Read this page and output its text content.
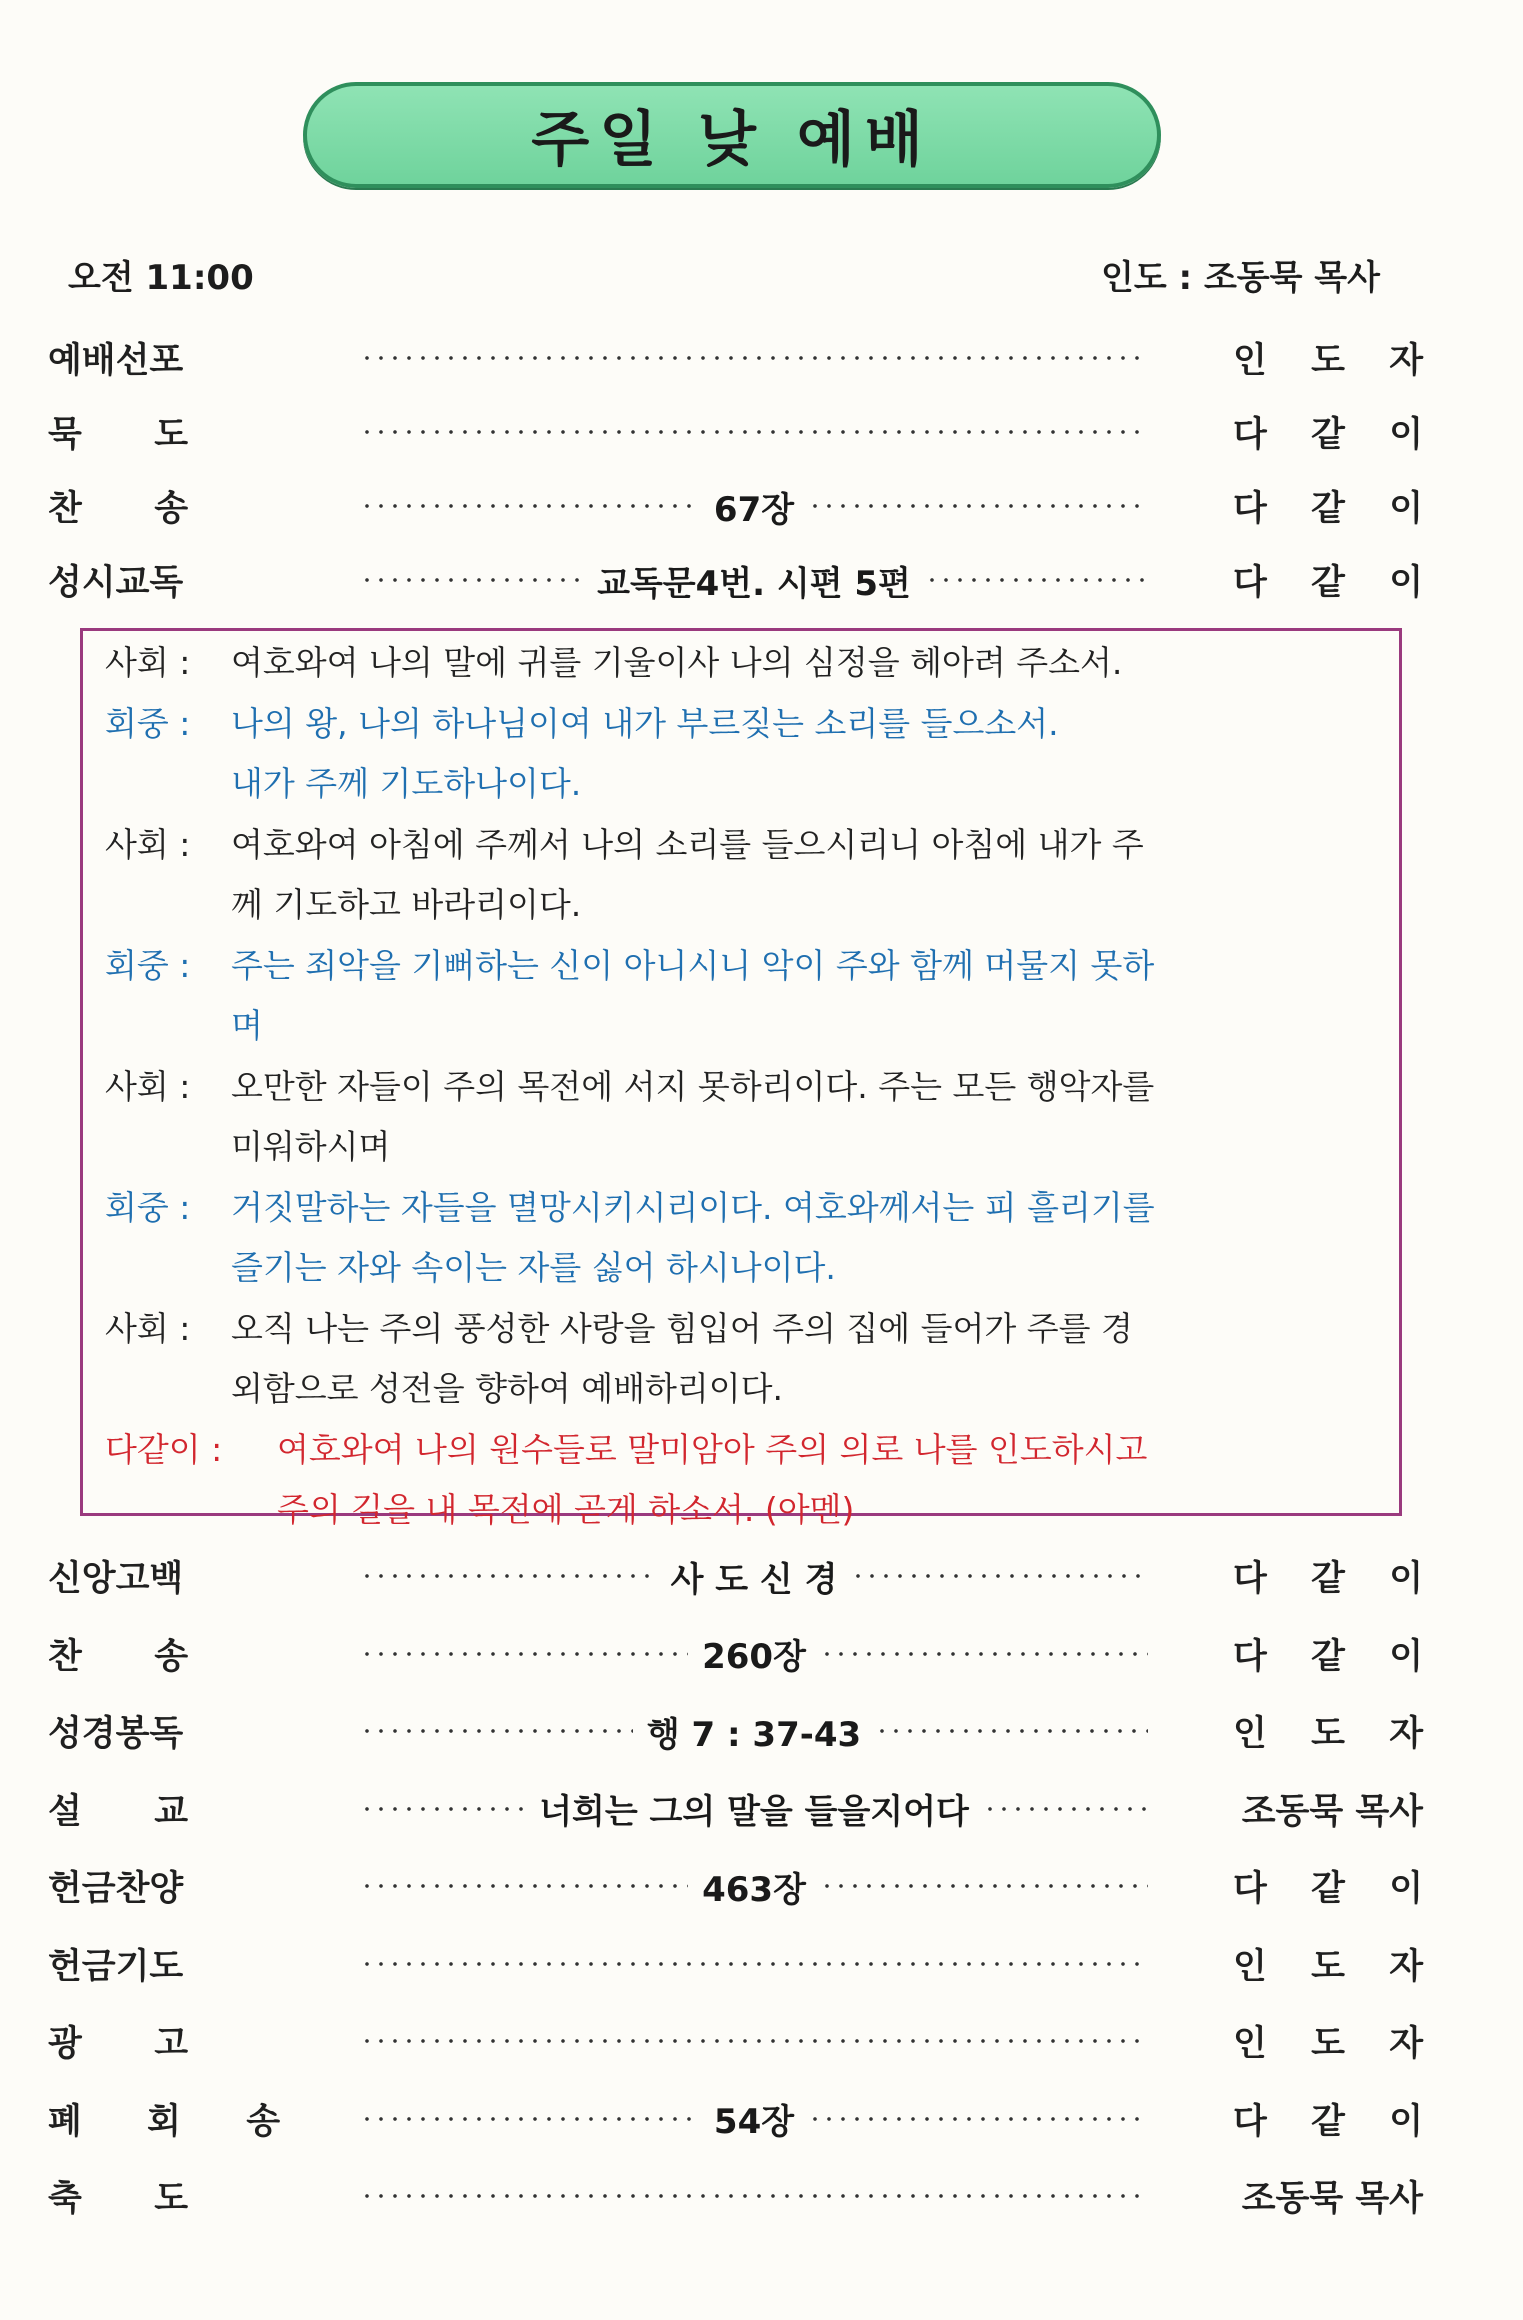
주일 낮 예배
오전 11:00	인도 : 조동묵 목사
예배선포	인 도 자
묵 도	다 같 이
찬 송	67장	다 같 이
성시교독	교독문4번. 시편 5편	다 같 이
사회 :여호와여 나의 말에 귀를 기울이사 나의 심정을 헤아려 주소서.
회중 :나의 왕, 나의 하나님이여 내가 부르짖는 소리를 들으소서.
내가 주께 기도하나이다.
사회 :여호와여 아침에 주께서 나의 소리를 들으시리니 아침에 내가 주
께 기도하고 바라리이다.
회중 :주는 죄악을 기뻐하는 신이 아니시니 악이 주와 함께 머물지 못하
며
사회 :오만한 자들이 주의 목전에 서지 못하리이다. 주는 모든 행악자를
미워하시며
회중 :거짓말하는 자들을 멸망시키시리이다. 여호와께서는 피 흘리기를
즐기는 자와 속이는 자를 싫어 하시나이다.
사회 :오직 나는 주의 풍성한 사랑을 힘입어 주의 집에 들어가 주를 경
외함으로 성전을 향하여 예배하리이다.
다같이 :여호와여 나의 원수들로 말미암아 주의 의로 나를 인도하시고
주의 길을 내 목전에 곧게 하소서. (아멘)
신앙고백	사 도 신 경	다 같 이
찬 송	260장	다 같 이
성경봉독	행 7 : 37-43	인 도 자
설 교	너희는 그의 말을 들을지어다	조동묵 목사
헌금찬양	463장	다 같 이
헌금기도	인 도 자
광 고	인 도 자
폐 회 송	54장	다 같 이
축 도	조동묵 목사
